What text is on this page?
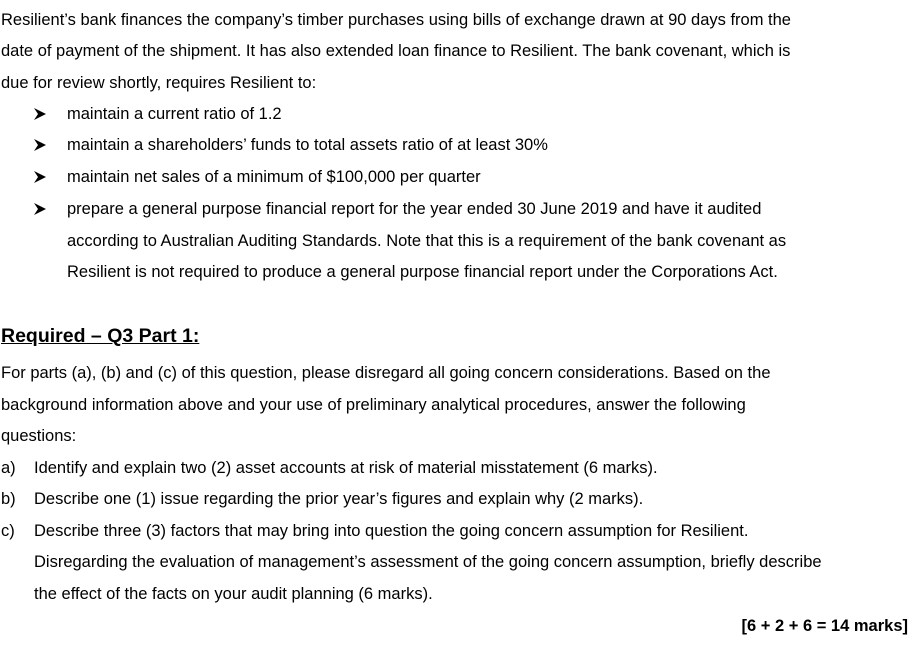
Resilient’s bank finances the company’s timber purchases using bills of exchange drawn at 90 days from the
date of payment of the shipment. It has also extended loan finance to Resilient. The bank covenant, which is
due for review shortly, requires Resilient to:
maintain a current ratio of 1.2
maintain a shareholders’ funds to total assets ratio of at least 30%
maintain net sales of a minimum of $100,000 per quarter
prepare a general purpose financial report for the year ended 30 June 2019 and have it audited
according to Australian Auditing Standards. Note that this is a requirement of the bank covenant as
Resilient is not required to produce a general purpose financial report under the Corporations Act.
Required – Q3 Part 1:
For parts (a), (b) and (c) of this question, please disregard all going concern considerations. Based on the
background information above and your use of preliminary analytical procedures, answer the following
questions:
a) Identify and explain two (2) asset accounts at risk of material misstatement (6 marks).
b) Describe one (1) issue regarding the prior year’s figures and explain why (2 marks).
c) Describe three (3) factors that may bring into question the going concern assumption for Resilient.
Disregarding the evaluation of management’s assessment of the going concern assumption, briefly describe
the effect of the facts on your audit planning (6 marks).
[6 + 2 + 6 = 14 marks]
